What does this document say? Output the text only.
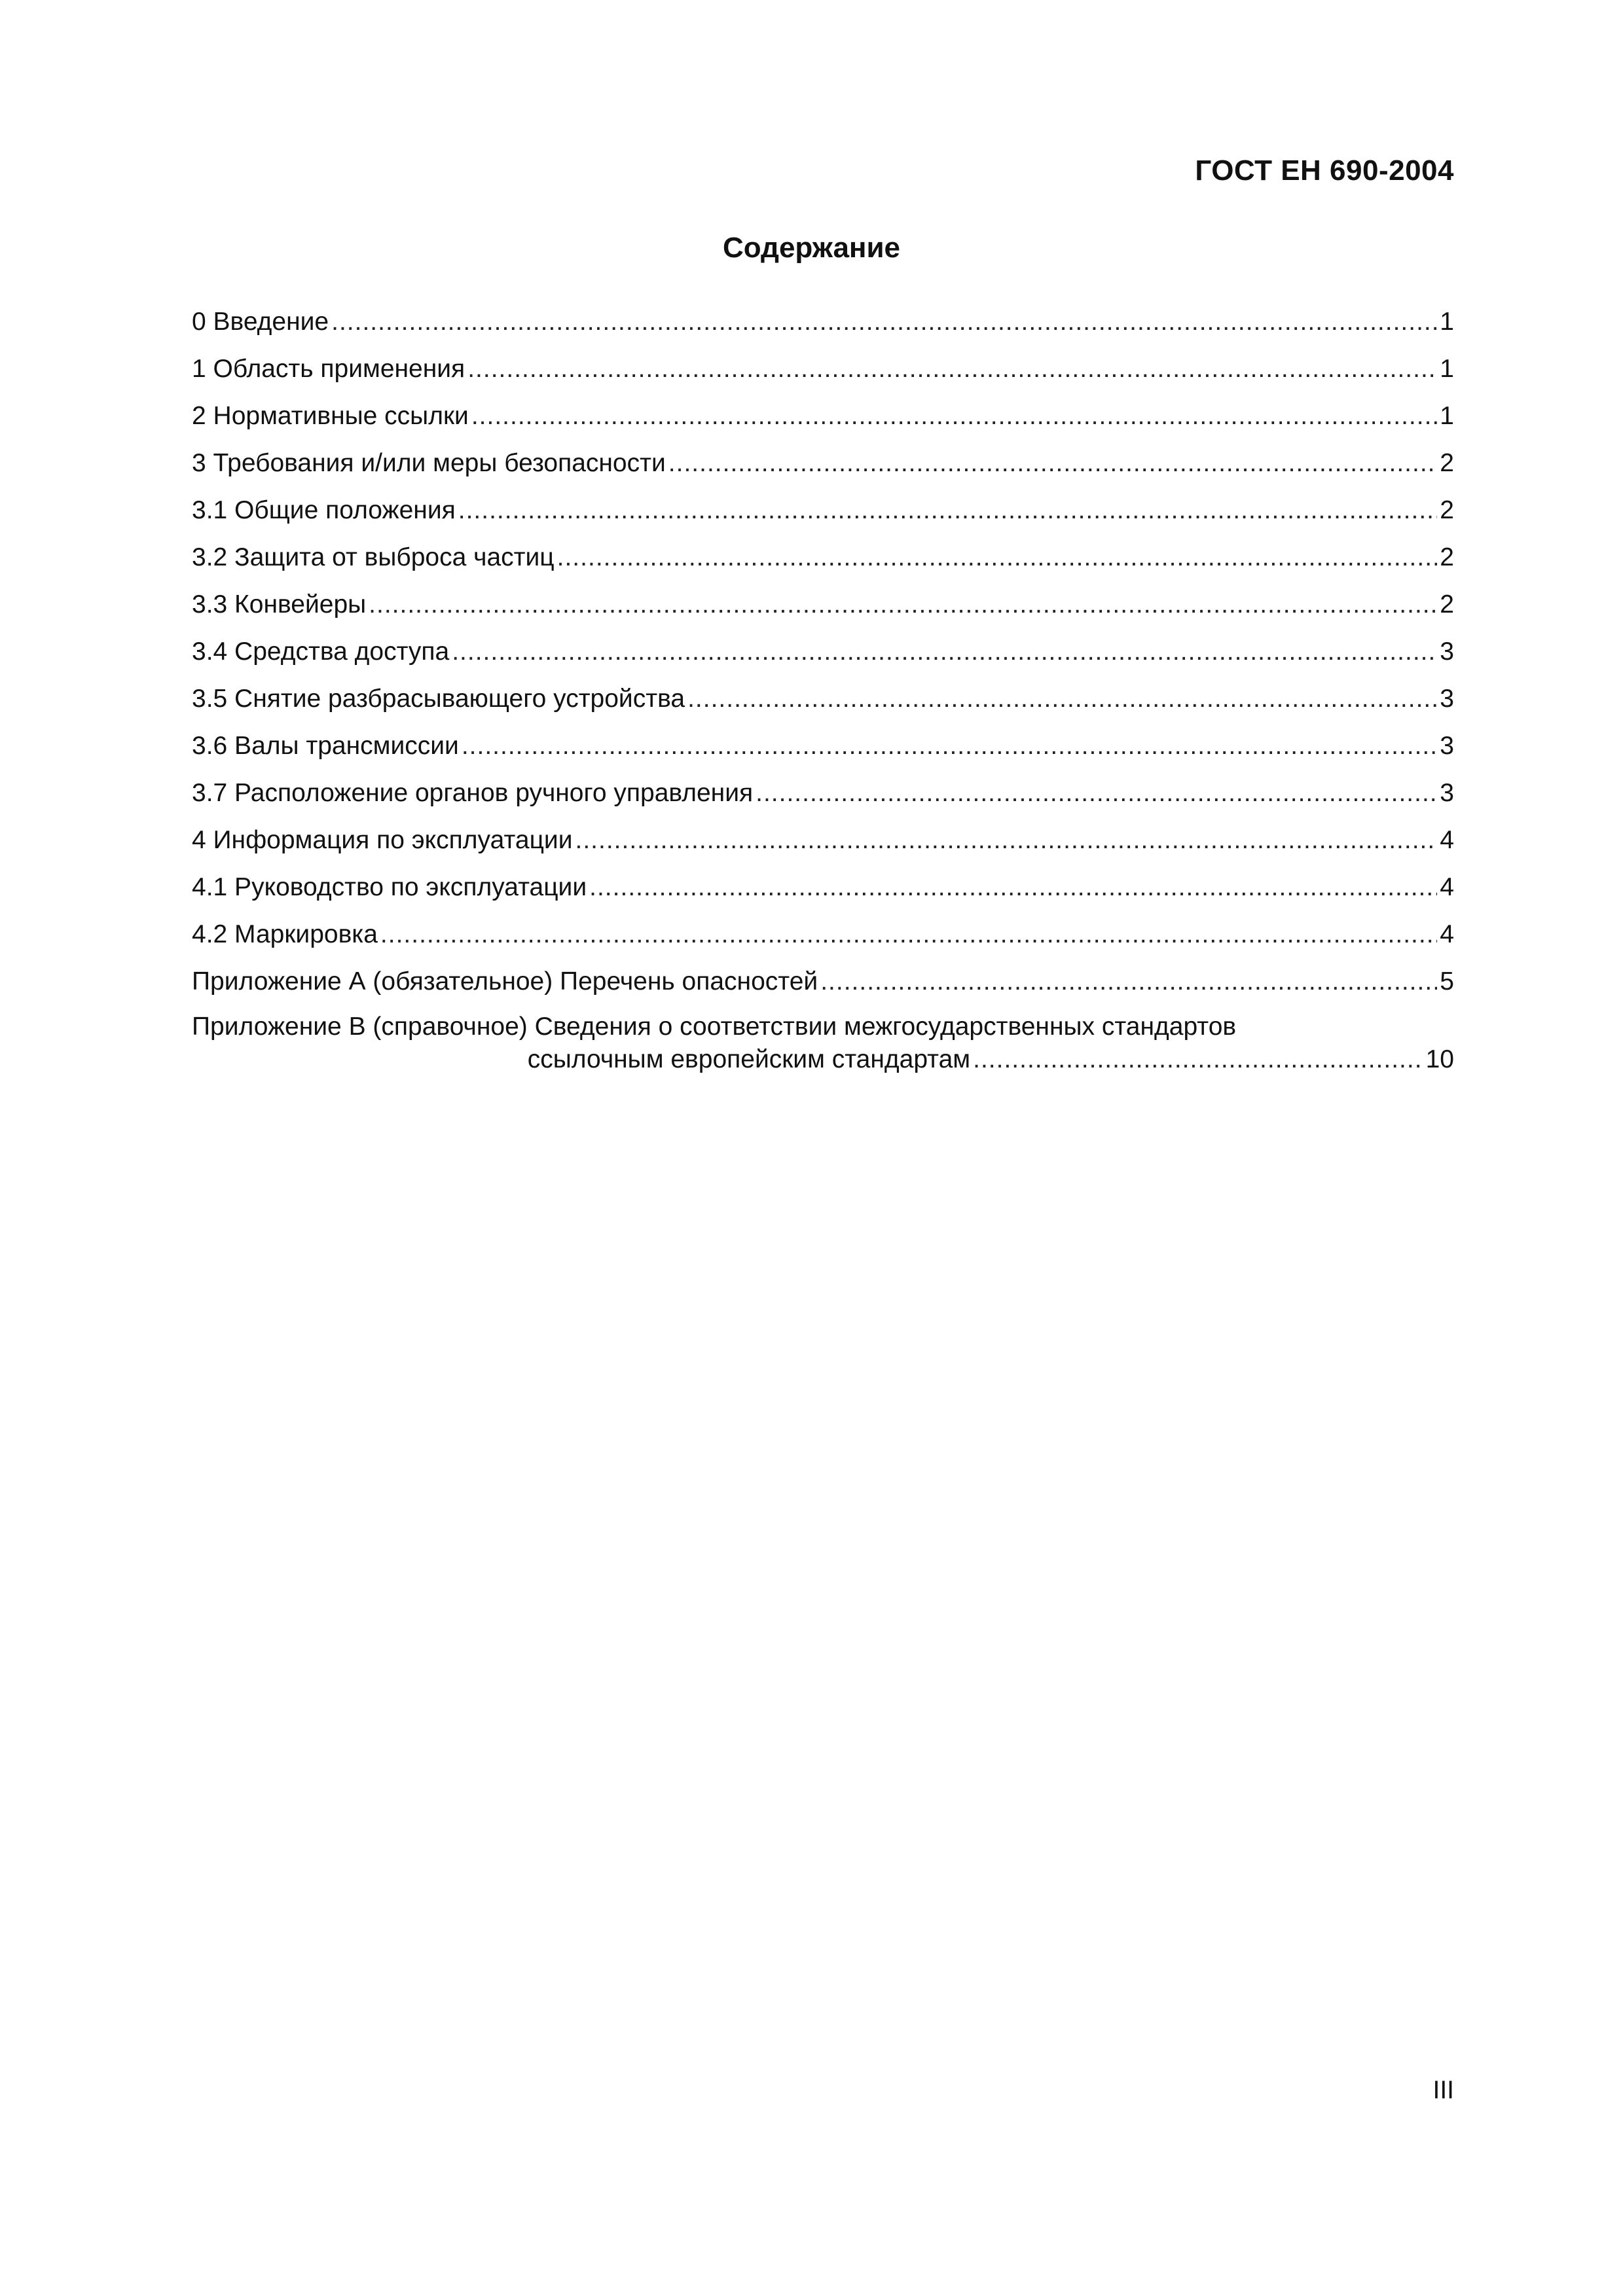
ГОСТ ЕН 690-2004
Содержание
0 Введение .....	1
1 Область применения .....	1
2 Нормативные ссылки .....	1
3 Требования и/или меры безопасности .....	2
3.1 Общие положения .....	2
3.2 Защита от выброса частиц .....	2
3.3 Конвейеры .....	2
3.4 Средства доступа .....	3
3.5 Снятие разбрасывающего устройства .....	3
3.6 Валы трансмиссии .....	3
3.7 Расположение органов ручного управления .....	3
4 Информация по эксплуатации .....	4
4.1 Руководство по эксплуатации .....	4
4.2 Маркировка .....	4
Приложение А (обязательное) Перечень опасностей .....	5
Приложение В (справочное) Сведения о соответствии межгосударственных стандартов
ссылочным европейским стандартам .....	10
III
